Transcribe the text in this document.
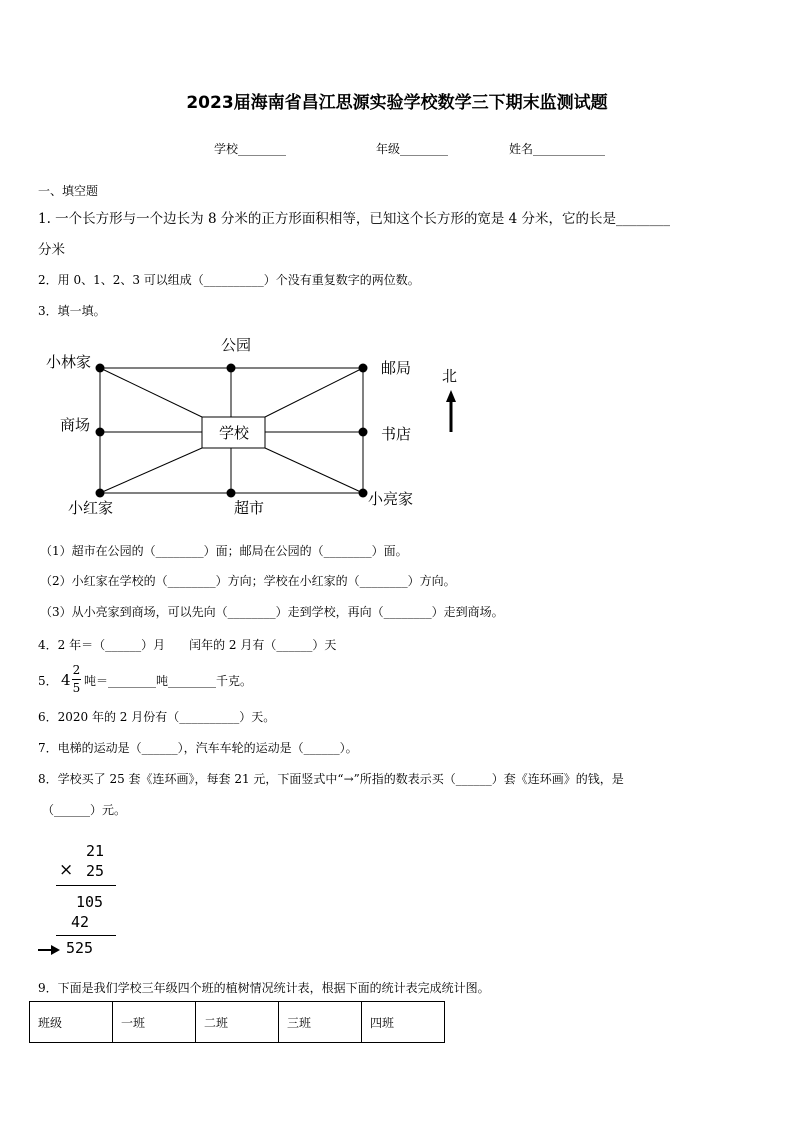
2023届海南省昌江思源实验学校数学三下期末监测试题
学校________	年级________	姓名____________
一、填空题
1. 一个长方形与一个边长为 8 分米的正方形面积相等，已知这个长方形的宽是 4 分米，它的长是________
分米
2．用 0、1、2、3 可以组成（__________）个没有重复数字的两位数。
3．填一填。
学校
公园
小林家	邮局
商场	书店
小红家	超市	小亮家
北
（1）超市在公园的（________）面；邮局在公园的（________）面。
（2）小红家在学校的（________）方向；学校在小红家的（________）方向。
（3）从小亮家到商场，可以先向（________）走到学校，再向（________）走到商场。
4．2 年＝（______）月　　闰年的 2 月有（______）天
5． 4
2
5 吨＝________吨________千克。
6．2020 年的 2 月份有（__________）天。
7．电梯的运动是（______），汽车车轮的运动是（______）。
8．学校买了 25 套《连环画》，每套 21 元，下面竖式中“→”所指的数表示买（______）套《连环画》的钱，是
（______）元。
21
× 25
105
42
525
9．下面是我们学校三年级四个班的植树情况统计表，根据下面的统计表完成统计图。
班级	一班	二班	三班	四班
